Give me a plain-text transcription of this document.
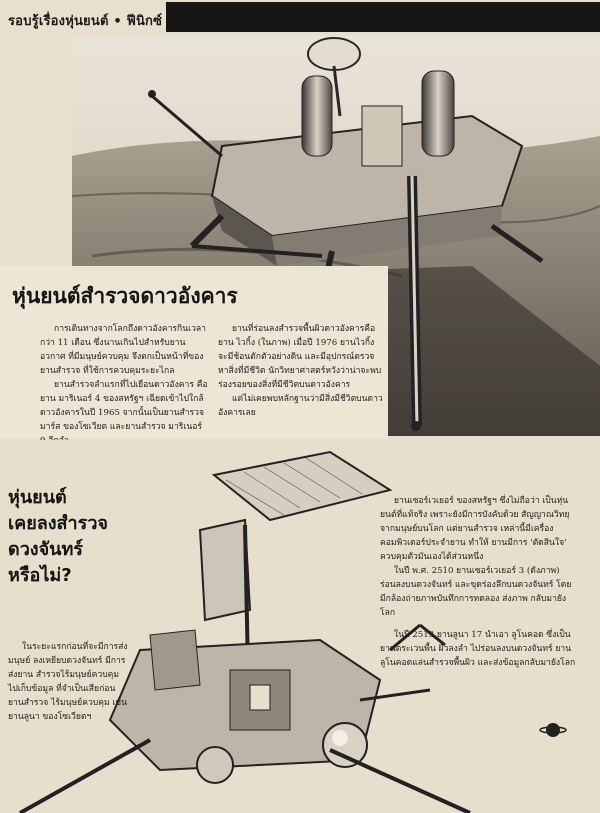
รอบรู้เรื่องหุ่นยนต์ • ฟีนิกซ์
หุ่นยนต์สำรวจดาวอังคาร

การเดินทางจากโลกถึงดาวอังคารกินเวลา กว่า 11 เดือน ซึ่งนานเกินไปสำหรับยานอวกาศ ที่มีมนุษย์ควบคุม จึงตกเป็นหน้าที่ของยานสำรวจ ที่ใช้การควบคุมระยะไกล

ยานสำรวจลำแรกที่ไปเยือนดาวอังคาร คือยาน มาริเนอร์ 4 ของสหรัฐฯ เฉียดเข้าไปใกล้ดาวอังคารในปี 1965 จากนั้นเป็นยานสำรวจ มาร์ส ของโซเวียต และยานสำรวจ มาริเนอร์

ยานที่ร่อนลงสำรวจพื้นผิวดาวอังคารคือ ยาน ไวกิ้ง (ในภาพ) เมื่อปี 1976 ยานไวกิ้ง จะมีช้อนตักตัวอย่างดิน และมีอุปกรณ์ตรวจ หาสิ่งที่มีชีวิต นักวิทยาศาสตร์หวังว่าน่าจะพบ ร่องรอยของสิ่งที่มีชีวิตบนดาวอังคาร

แต่ไม่เคยพบหลักฐานว่ามีสิ่งมีชีวิตบนดาว อังคารเลย

หุ่นยนต์
เคยลงสำรวจ
ดวงจันทร์
หรือไม่?

ยานเซอร์เวเยอร์ ของสหรัฐฯ ซึ่งไม่ถือว่า เป็นหุ่นยนต์ที่แท้จริง เพราะยังมีการบังคับด้วย สัญญาณวิทยุจากมนุษย์บนโลก แต่ยานสำรวจ เหล่านี้มีเครื่องคอมพิวเตอร์ประจำยาน ทำให้ ยานมีการ 'ตัดสินใจ' ควบคุมตัวมันเองได้ส่วนหนึ่ง

ในปี พ.ศ. 2510 ยานเซอร์เวเยอร์ 3 (ดังภาพ) ร่อนลงบนดวงจันทร์ และขุดร่องลึกบนดวงจันทร์ โดยมีกล้องถ่ายภาพบันทึกการทดลอง ส่งภาพ กลับมายังโลก

ในปี 2513 ยานลูนา 17 นำเอา ลูโนคอด ซึ่งเป็นยานตระเวนพื้น ผิวลงลำ ไปร่อนลงบนดวงจันทร์ ยานลูโนคอดแล่นสำรวจพื้นผิว และส่งข้อมูลกลับมายังโลก

ในระยะแรกก่อนที่จะมีการส่งมนุษย์ ลงเหยียบดวงจันทร์ มีการส่งยาน สำรวจไร้มนุษย์ควบคุมไปเก็บข้อมูล ที่จำเป็นเสียก่อน ยานสำรวจ ไร้มนุษย์ควบคุม เช่น ยานลูนา ของโซเวียตฯ
